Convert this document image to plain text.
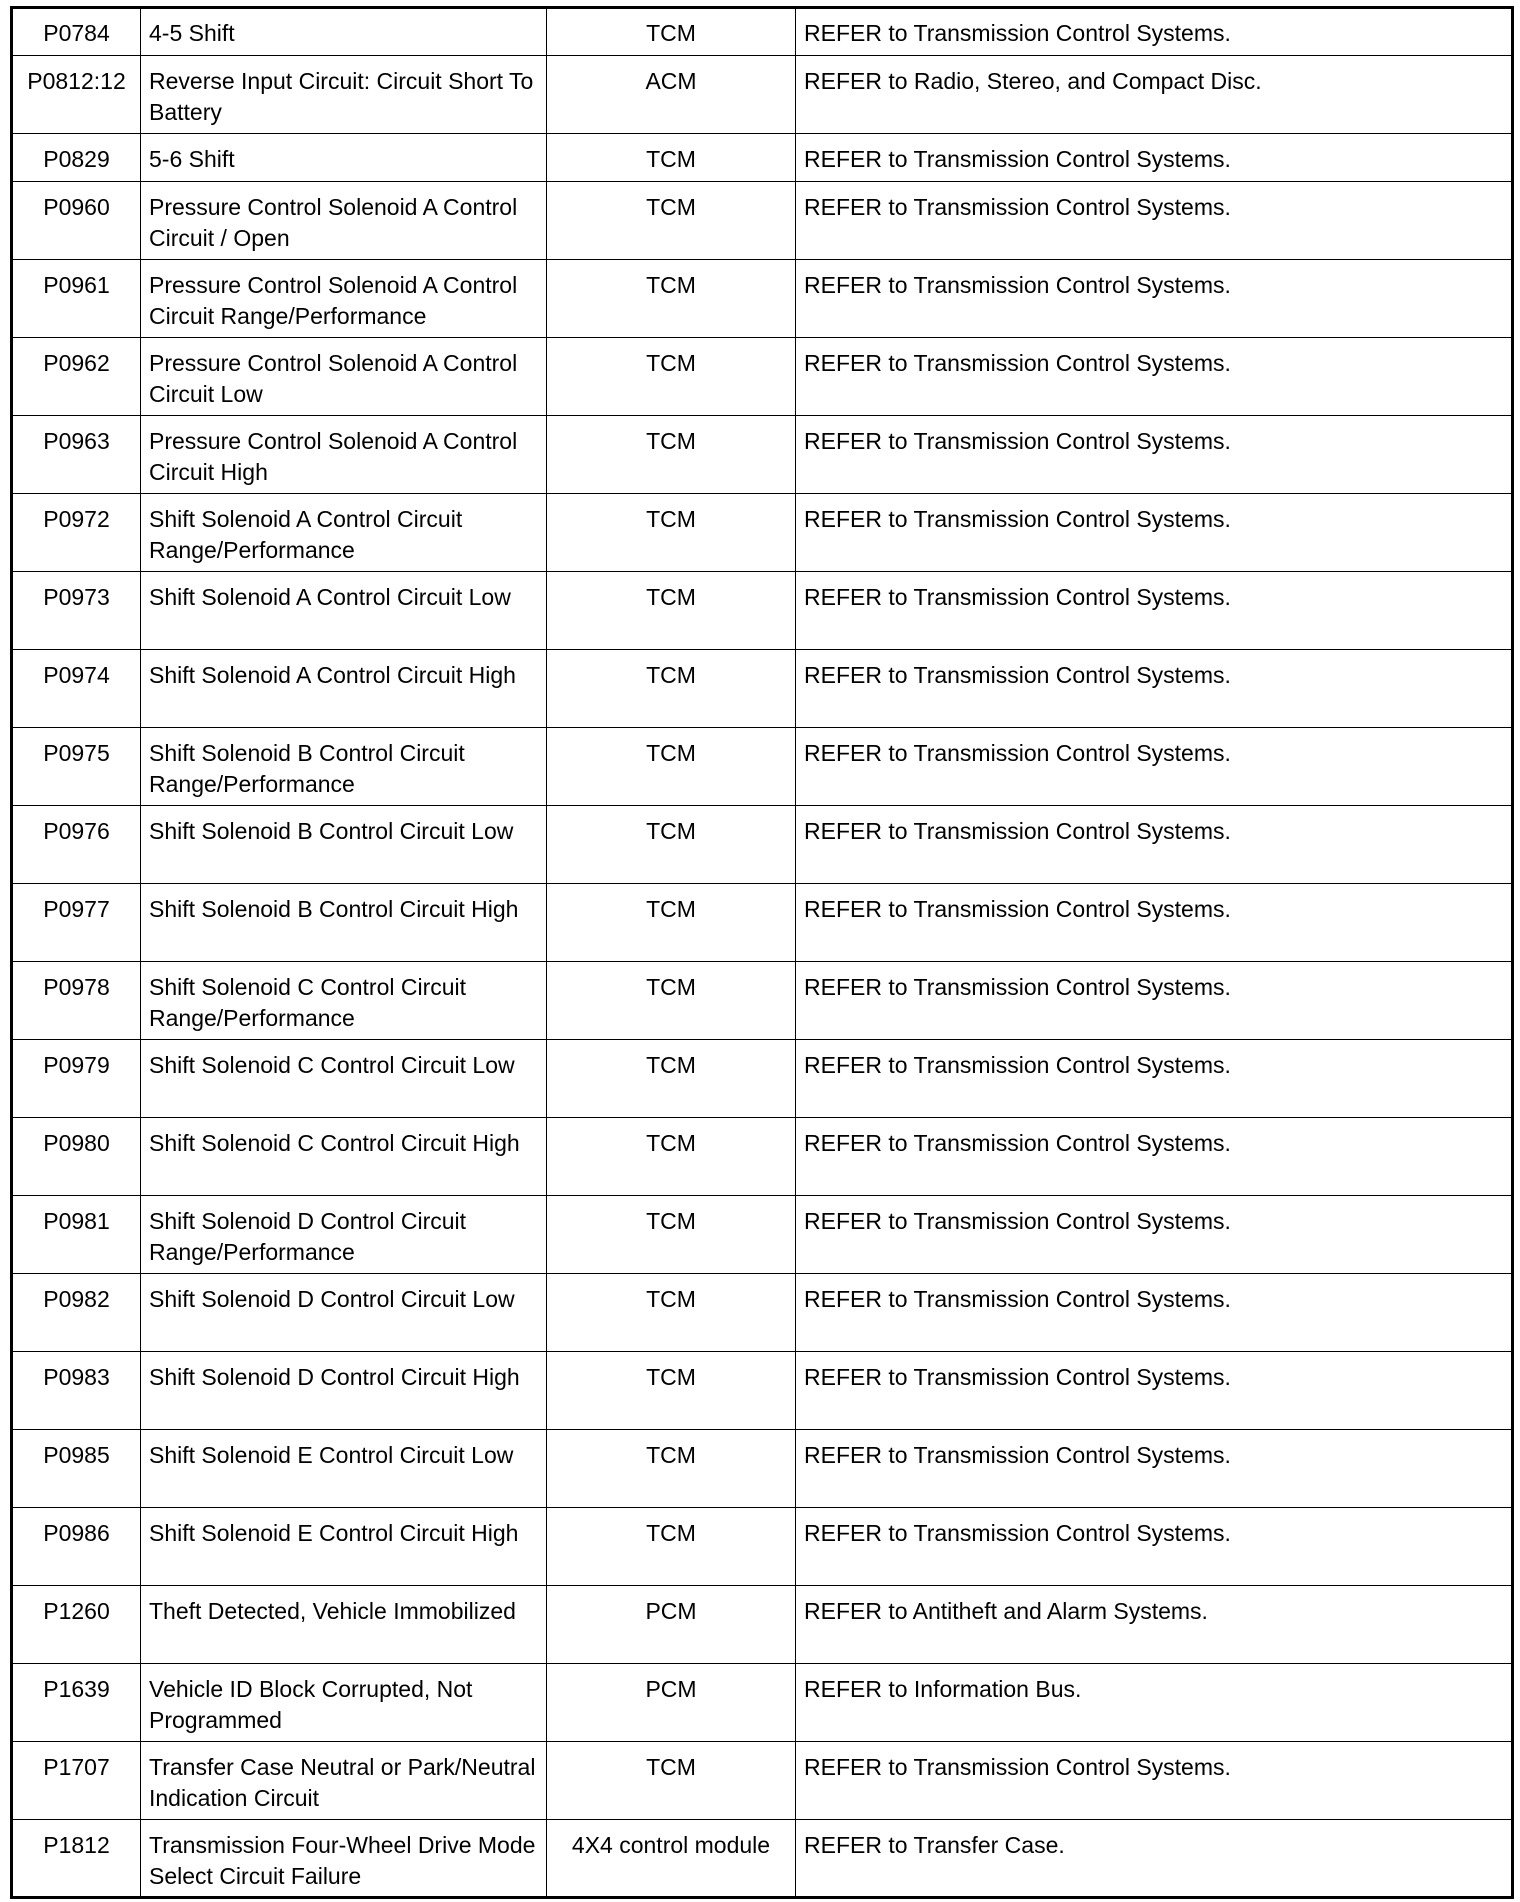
P0784	4-5 Shift	TCM	REFER to Transmission Control Systems.
P0812:12	Reverse Input Circuit: Circuit Short To Battery	ACM	REFER to Radio, Stereo, and Compact Disc.
P0829	5-6 Shift	TCM	REFER to Transmission Control Systems.
P0960	Pressure Control Solenoid A Control Circuit / Open	TCM	REFER to Transmission Control Systems.
P0961	Pressure Control Solenoid A Control Circuit Range/Performance	TCM	REFER to Transmission Control Systems.
P0962	Pressure Control Solenoid A Control Circuit Low	TCM	REFER to Transmission Control Systems.
P0963	Pressure Control Solenoid A Control Circuit High	TCM	REFER to Transmission Control Systems.
P0972	Shift Solenoid A Control Circuit Range/Performance	TCM	REFER to Transmission Control Systems.
P0973	Shift Solenoid A Control Circuit Low	TCM	REFER to Transmission Control Systems.
P0974	Shift Solenoid A Control Circuit High	TCM	REFER to Transmission Control Systems.
P0975	Shift Solenoid B Control Circuit Range/Performance	TCM	REFER to Transmission Control Systems.
P0976	Shift Solenoid B Control Circuit Low	TCM	REFER to Transmission Control Systems.
P0977	Shift Solenoid B Control Circuit High	TCM	REFER to Transmission Control Systems.
P0978	Shift Solenoid C Control Circuit Range/Performance	TCM	REFER to Transmission Control Systems.
P0979	Shift Solenoid C Control Circuit Low	TCM	REFER to Transmission Control Systems.
P0980	Shift Solenoid C Control Circuit High	TCM	REFER to Transmission Control Systems.
P0981	Shift Solenoid D Control Circuit Range/Performance	TCM	REFER to Transmission Control Systems.
P0982	Shift Solenoid D Control Circuit Low	TCM	REFER to Transmission Control Systems.
P0983	Shift Solenoid D Control Circuit High	TCM	REFER to Transmission Control Systems.
P0985	Shift Solenoid E Control Circuit Low	TCM	REFER to Transmission Control Systems.
P0986	Shift Solenoid E Control Circuit High	TCM	REFER to Transmission Control Systems.
P1260	Theft Detected, Vehicle Immobilized	PCM	REFER to Antitheft and Alarm Systems.
P1639	Vehicle ID Block Corrupted, Not Programmed	PCM	REFER to Information Bus.
P1707	Transfer Case Neutral or Park/Neutral Indication Circuit	TCM	REFER to Transmission Control Systems.
P1812	Transmission Four-Wheel Drive Mode Select Circuit Failure	4X4 control module	REFER to Transfer Case.
